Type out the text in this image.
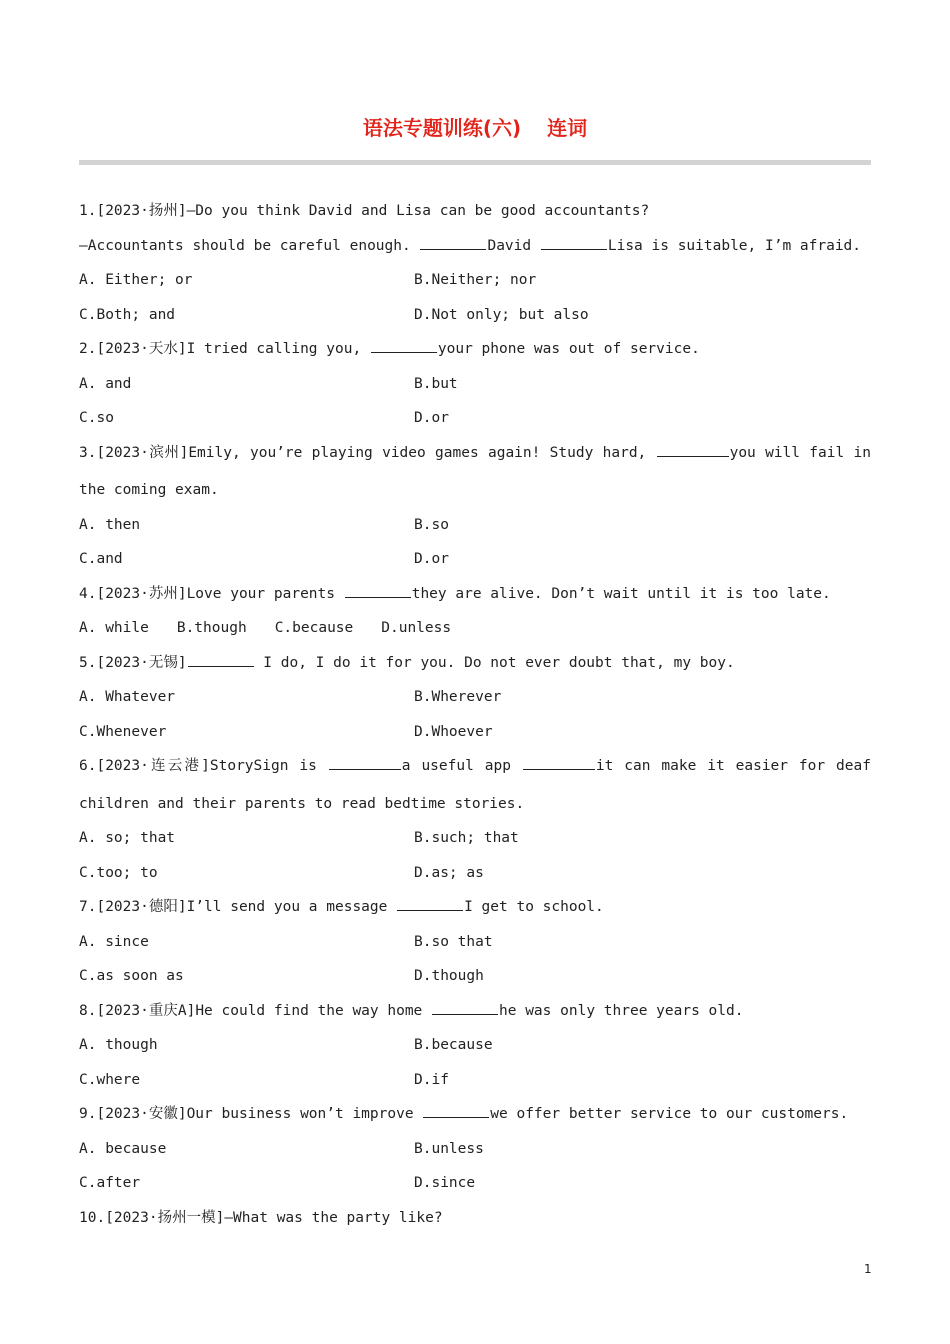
语法专题训练(六) 连词
1.[2023·扬州]—Do you think David and Lisa can be good accountants?
—Accountants should be careful enough.	David	Lisa is suitable, I’m afraid.
A. Either; or	B.Neither; nor
C.Both; and	D.Not only; but also
2.[2023·天水]I tried calling you,	your phone was out of service.
A. and	B.but
C.so	D.or
3.[2023·滨州]Emily, you’re playing video games again! Study hard,	you will fail in
the coming exam.
A. then	B.so
C.and	D.or
4.[2023·苏州]Love your parents	they are alive. Don’t wait until it is too late.
A. while B.though C.because D.unless
5.[2023·无锡]	I do, I do it for you. Do not ever doubt that, my boy.
A. Whatever	B.Wherever
C.Whenever	D.Whoever
6.[2023·连云港]StorySign is	a useful app	it can make it easier for deaf
children and their parents to read bedtime stories.
A. so; that	B.such; that
C.too; to	D.as; as
7.[2023·德阳]I’ll send you a message	I get to school.
A. since	B.so that
C.as soon as	D.though
8.[2023·重庆A]He could find the way home	he was only three years old.
A. though	B.because
C.where	D.if
9.[2023·安徽]Our business won’t improve	we offer better service to our customers.
A. because	B.unless
C.after	D.since
10.[2023·扬州一模]—What was the party like?
1
